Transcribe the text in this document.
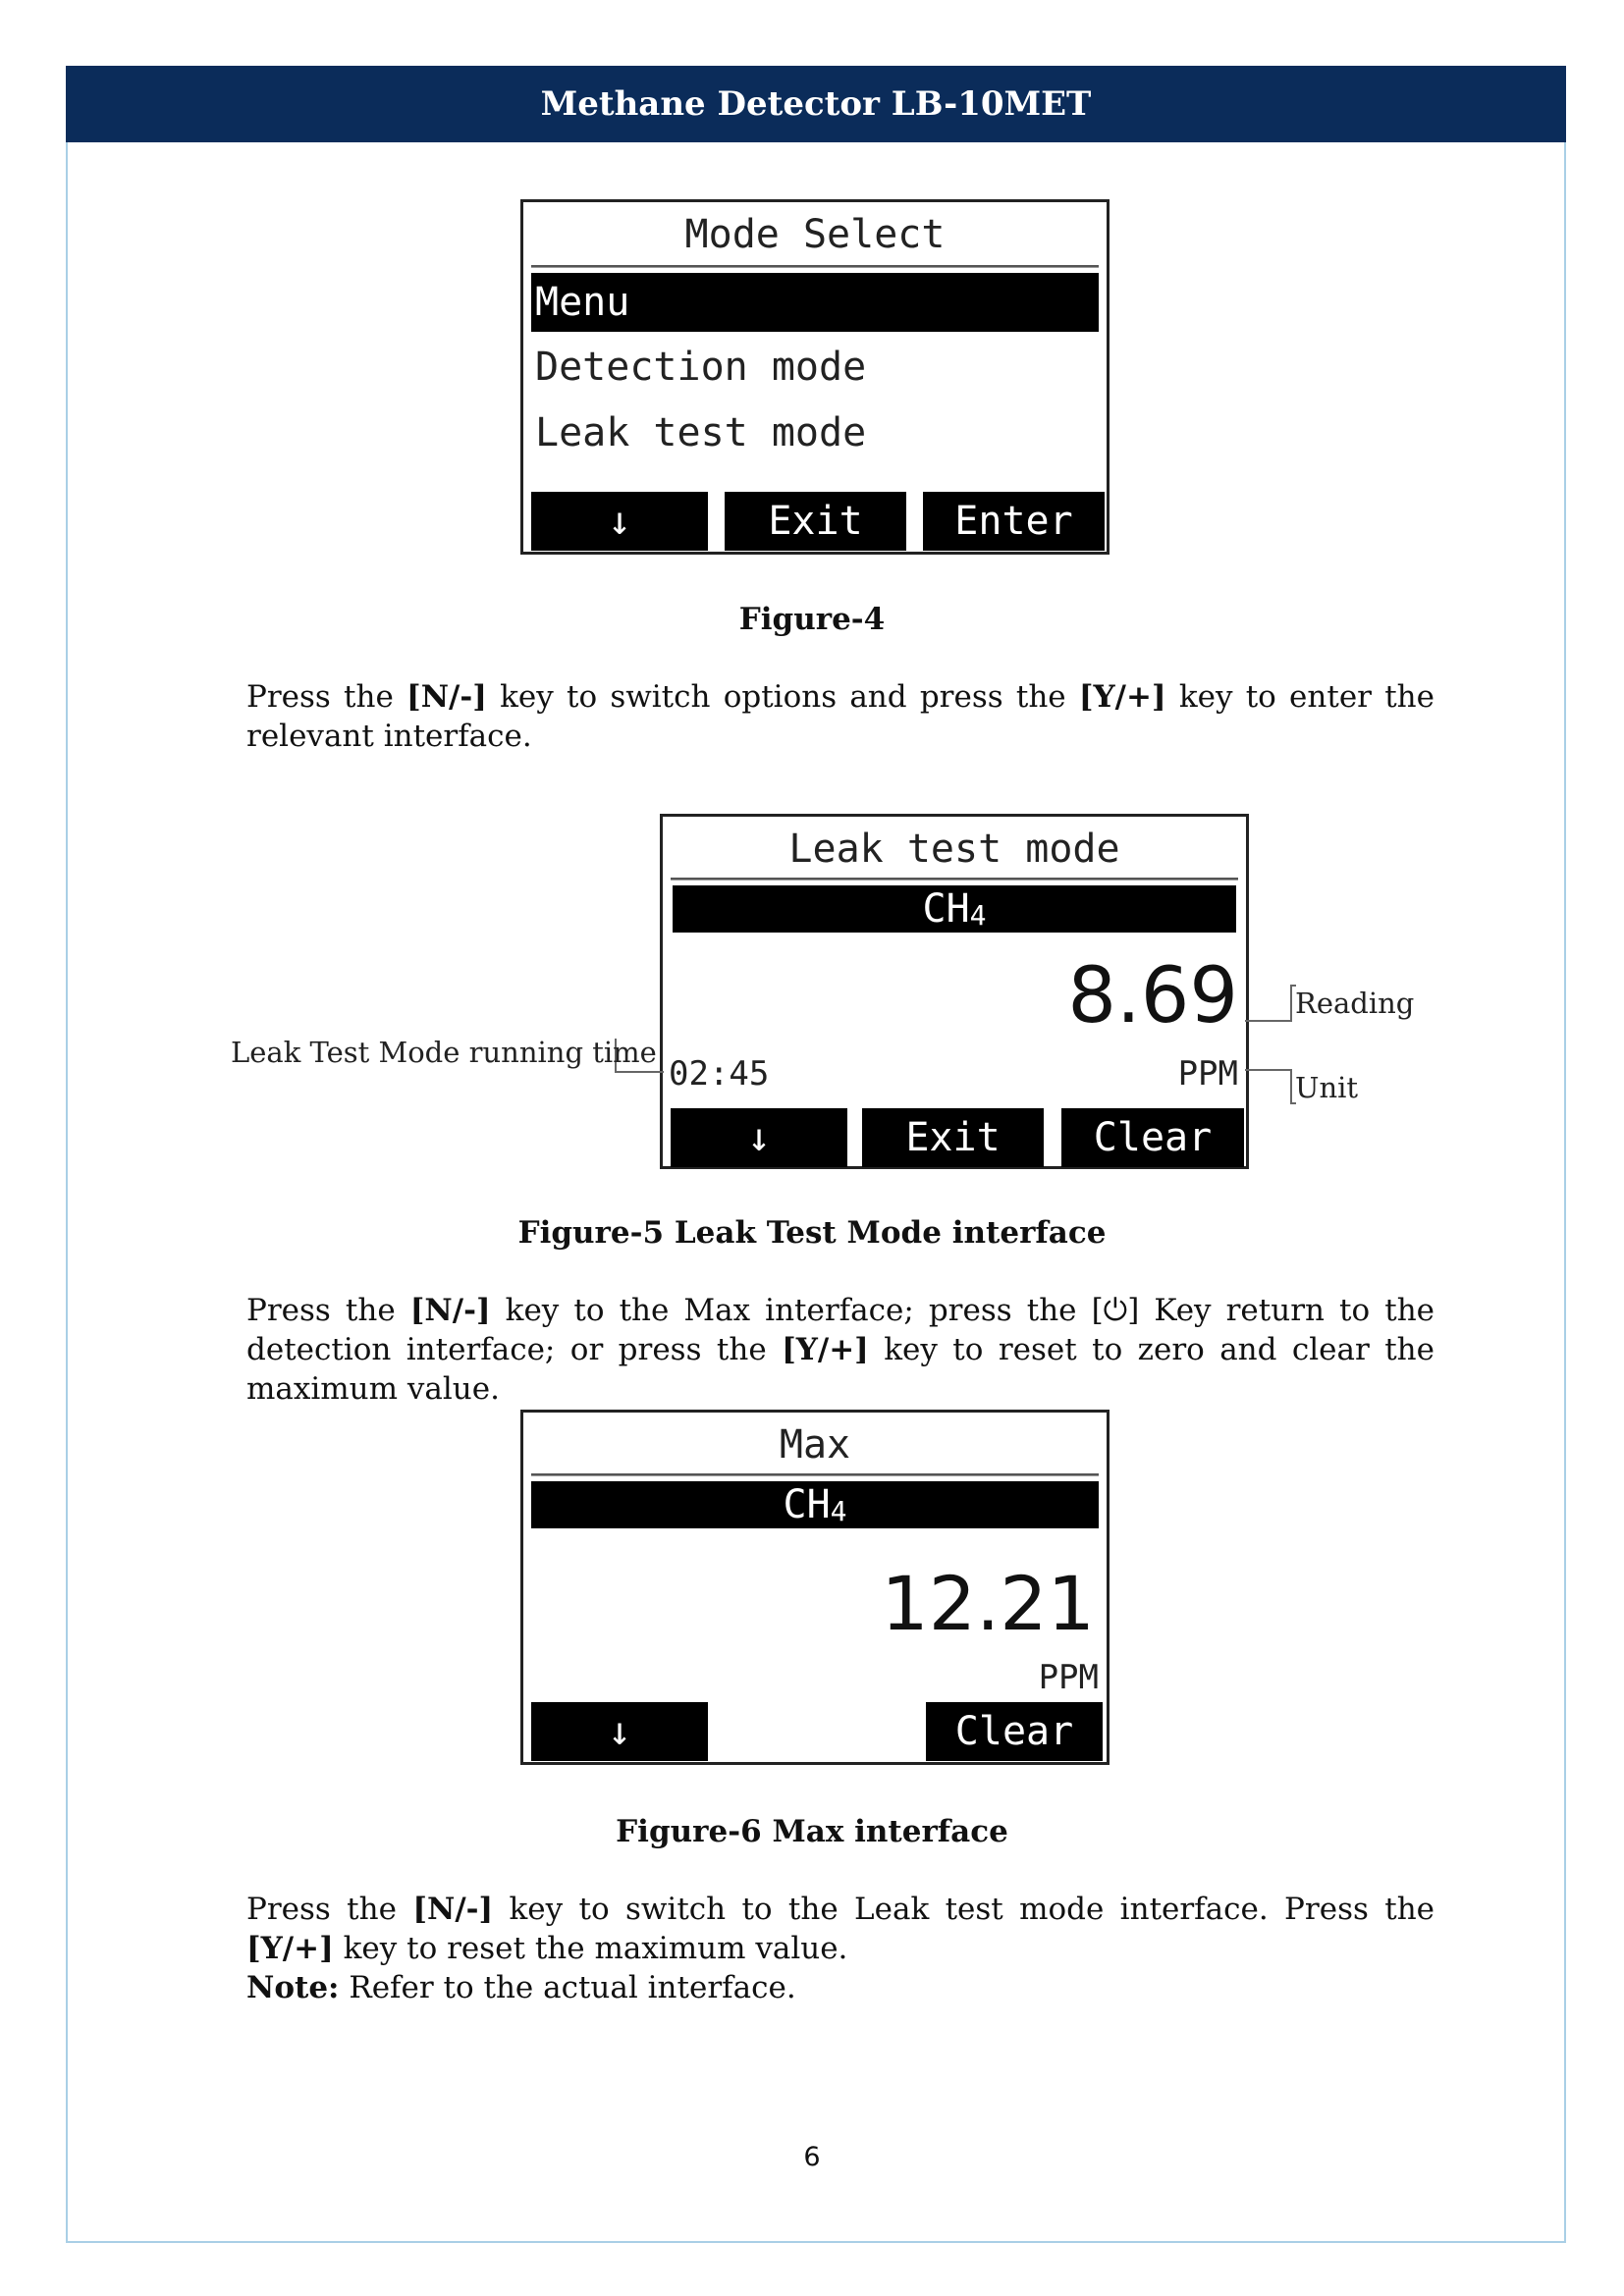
Methane Detector LB-10MET
Mode Select
Menu
Detection mode
Leak test mode
↓	Exit Enter
Figure-4
Press the [N/-] key to switch options and press the [Y/+] key to enter the relevant interface.
Leak test mode
CH 4
8.69
02:45	PPM
↓	Exit Clear
Reading
Unit
Leak Test Mode running time
Figure-5 Leak Test Mode interface
Press the [N/-] key to the Max interface; press the [⏻] Key return to the detection interface; or press the [Y/+] key to reset to zero and clear the maximum value.
Max
CH 4
12.21
PPM
↓	Clear
Figure-6 Max interface
Press the [N/-] key to switch to the Leak test mode interface. Press the [Y/+] key to reset the maximum value.
Note: Refer to the actual interface.
6
